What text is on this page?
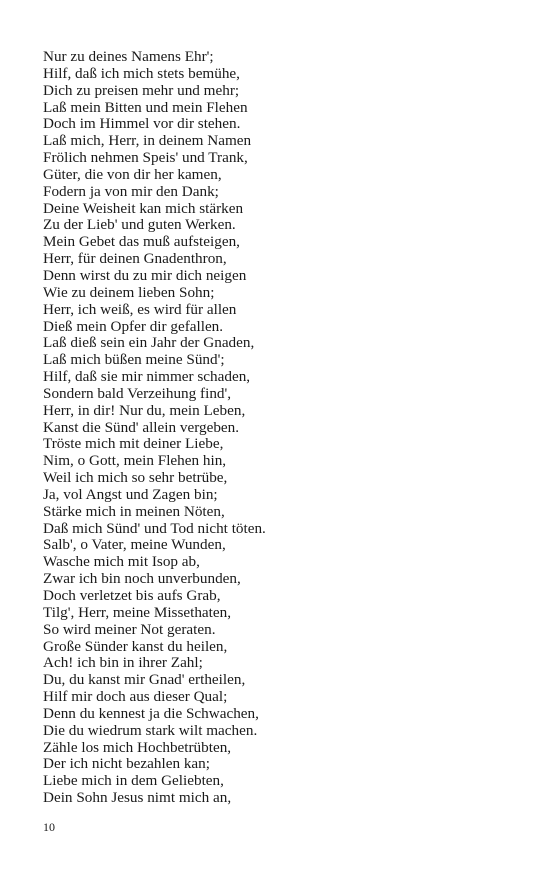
Nur zu deines Namens Ehr';
Hilf, daß ich mich stets bemühe,
Dich zu preisen mehr und mehr;
Laß mein Bitten und mein Flehen
Doch im Himmel vor dir stehen.
Laß mich, Herr, in deinem Namen
Frölich nehmen Speis' und Trank,
Güter, die von dir her kamen,
Fodern ja von mir den Dank;
Deine Weisheit kan mich stärken
Zu der Lieb' und guten Werken.
Mein Gebet das muß aufsteigen,
Herr, für deinen Gnadenthron,
Denn wirst du zu mir dich neigen
Wie zu deinem lieben Sohn;
Herr, ich weiß, es wird für allen
Dieß mein Opfer dir gefallen.
Laß dieß sein ein Jahr der Gnaden,
Laß mich büßen meine Sünd';
Hilf, daß sie mir nimmer schaden,
Sondern bald Verzeihung find',
Herr, in dir! Nur du, mein Leben,
Kanst die Sünd' allein vergeben.
Tröste mich mit deiner Liebe,
Nim, o Gott, mein Flehen hin,
Weil ich mich so sehr betrübe,
Ja, vol Angst und Zagen bin;
Stärke mich in meinen Nöten,
Daß mich Sünd' und Tod nicht töten.
Salb', o Vater, meine Wunden,
Wasche mich mit Isop ab,
Zwar ich bin noch unverbunden,
Doch verletzet bis aufs Grab,
Tilg', Herr, meine Missethaten,
So wird meiner Not geraten.
Große Sünder kanst du heilen,
Ach! ich bin in ihrer Zahl;
Du, du kanst mir Gnad' ertheilen,
Hilf mir doch aus dieser Qual;
Denn du kennest ja die Schwachen,
Die du wiedrum stark wilt machen.
Zähle los mich Hochbetrübten,
Der ich nicht bezahlen kan;
Liebe mich in dem Geliebten,
Dein Sohn Jesus nimt mich an,
10
